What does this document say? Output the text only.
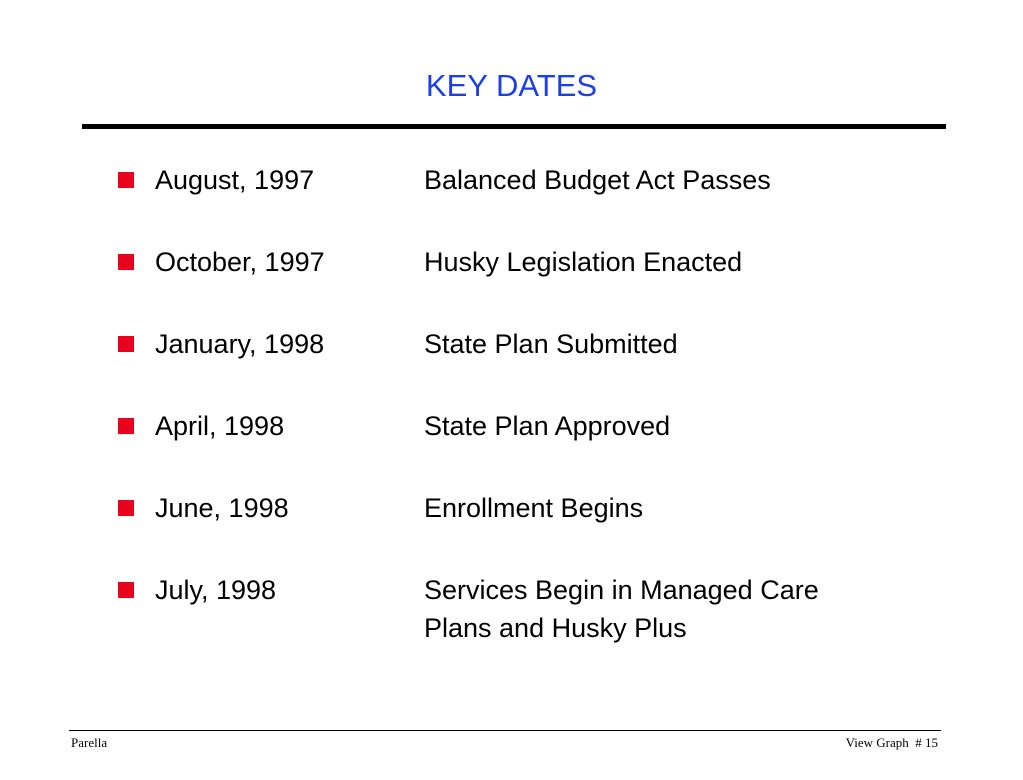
KEY DATES
August, 1997	Balanced Budget Act Passes
October, 1997	Husky Legislation Enacted
January, 1998	State Plan Submitted
April, 1998	State Plan Approved
June, 1998	Enrollment Begins
July, 1998	Services Begin in Managed Care
Plans and Husky Plus
Parella	View Graph  # 15
